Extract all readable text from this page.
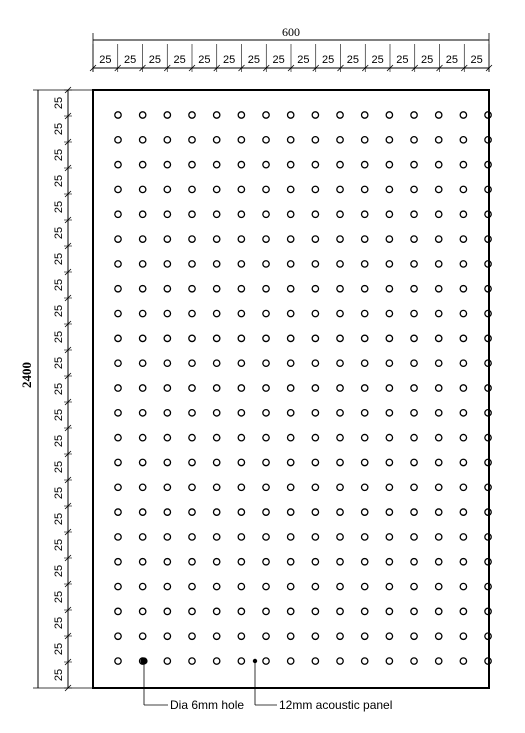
600
25 25 25 25 25 25 25 25 25 25 25 25 25 25 25 25
2400
25
25
25
25
25
25
25
25
25
25
25
25
25
25
25
25
25
25
25
25
25
25
25
Dia 6mm hole	12mm acoustic panel
